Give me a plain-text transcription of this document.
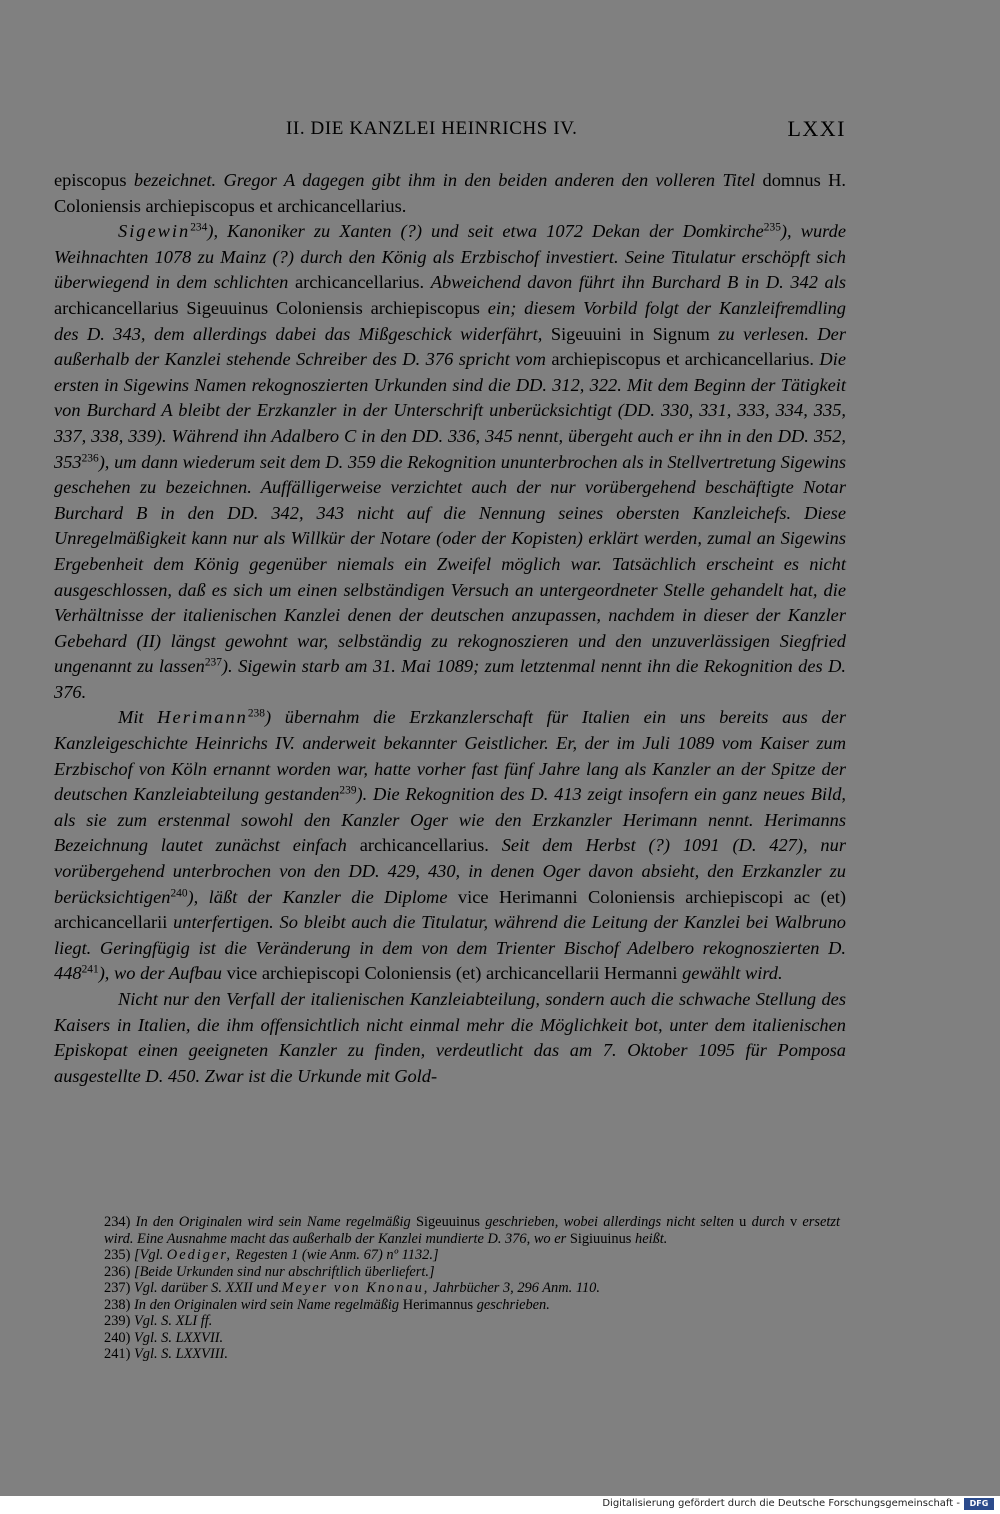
II. DIE KANZLEI HEINRICHS IV.	LXXI

episcopus bezeichnet. Gregor A dagegen gibt ihm in den beiden anderen den volleren Titel domnus H. Coloniensis archiepiscopus et archicancellarius.

Sigewin$^{234}$), Kanoniker zu Xanten (?) und seit etwa 1072 Dekan der Domkirche$^{235}$), wurde Weihnachten 1078 zu Mainz (?) durch den König als Erzbischof investiert. Seine Titulatur erschöpft sich überwiegend in dem schlichten archicancellarius. Abweichend davon führt ihn Burchard B in D. 342 als archicancellarius Sigeuuinus Coloniensis archiepiscopus ein; diesem Vorbild folgt der Kanzleifremdling des D. 343, dem allerdings dabei das Mißgeschick widerfährt, Sigeuuini in Signum zu verlesen. Der außerhalb der Kanzlei stehende Schreiber des D. 376 spricht vom archiepiscopus et archicancellarius. Die ersten in Sigewins Namen rekognoszierten Urkunden sind die DD. 312, 322. Mit dem Beginn der Tätigkeit von Burchard A bleibt der Erzkanzler in der Unterschrift unberücksichtigt (DD. 330, 331, 333, 334, 335, 337, 338, 339). Während ihn Adalbero C in den DD. 336, 345 nennt, übergeht auch er ihn in den DD. 352, $353^{236}$), um dann wiederum seit dem D. 359 die Rekognition ununterbrochen als in Stellvertretung Sigewins geschehen zu bezeichnen. Auffälligerweise verzichtet auch der nur vorübergehend beschäftigte Notar Burchard B in den DD. 342, 343 nicht auf die Nennung seines obersten Kanzleichefs. Diese Unregelmäßigkeit kann nur als Willkür der Notare (oder der Kopisten) erklärt werden, zumal an Sigewins Ergebenheit dem König gegenüber niemals ein Zweifel möglich war. Tatsächlich erscheint es nicht ausgeschlossen, daß es sich um einen selbständigen Versuch an untergeordneter Stelle gehandelt hat, die Verhältnisse der italienischen Kanzlei denen der deutschen anzupassen, nachdem in dieser der Kanzler Gebehard (II) längst gewohnt war, selbständig zu rekognoszieren und den unzuverlässigen Siegfried ungenannt zu lassen$^{237}$). Sigewin starb am 31. Mai 1089; zum letztenmal nennt ihn die Rekognition des D. 376.

Mit Herimann$^{238}$) übernahm die Erzkanzlerschaft für Italien ein uns bereits aus der Kanzleigeschichte Heinrichs IV. anderweit bekannter Geistlicher. Er, der im Juli 1089 vom Kaiser zum Erzbischof von Köln ernannt worden war, hatte vorher fast fünf Jahre lang als Kanzler an der Spitze der deutschen Kanzleiabteilung gestanden$^{239}$). Die Rekognition des D. 413 zeigt insofern ein ganz neues Bild, als sie zum erstenmal sowohl den Kanzler Oger wie den Erzkanzler Herimann nennt. Herimanns Bezeichnung lautet zunächst einfach archicancellarius. Seit dem Herbst (?) 1091 (D. 427), nur vorübergehend unterbrochen von den DD. 429, 430, in denen Oger davon absieht, den Erzkanzler zu berücksichtigen$^{240}$), läßt der Kanzler die Diplome vice Herimanni Coloniensis archiepiscopi ac (et) archicancellarii unterfertigen. So bleibt auch die Titulatur, während die Leitung der Kanzlei bei Walbruno liegt. Geringfügig ist die Veränderung in dem von dem Trienter Bischof Adelbero rekognoszierten D. $448^{241}$), wo der Aufbau vice archiepiscopi Coloniensis (et) archicancellarii Hermanni gewählt wird.

Nicht nur den Verfall der italienischen Kanzleiabteilung, sondern auch die schwache Stellung des Kaisers in Italien, die ihm offensichtlich nicht einmal mehr die Möglichkeit bot, unter dem italienischen Episkopat einen geeigneten Kanzler zu finden, verdeutlicht das am 7. Oktober 1095 für Pomposa ausgestellte D. 450. Zwar ist die Urkunde mit Gold-

234) In den Originalen wird sein Name regelmäßig Sigeuuinus geschrieben, wobei allerdings nicht selten u durch v ersetzt wird. Eine Ausnahme macht das außerhalb der Kanzlei mundierte D. 376, wo er Sigiuuinus heißt.

235) [Vgl. Oediger, Regesten 1 (wie Anm. 67) nº 1132.]

236) [Beide Urkunden sind nur abschriftlich überliefert.]

237) Vgl. darüber S. XXII und Meyer von Knonau, Jahrbücher 3, 296 Anm. 110.

238) In den Originalen wird sein Name regelmäßig Herimannus geschrieben.

239) Vgl. S. XLI ff.

240) Vgl. S. LXXVII.

241) Vgl. S. LXXVIII.

Digitalisierung gefördert durch die Deutsche Forschungsgemeinschaft -	DFG
